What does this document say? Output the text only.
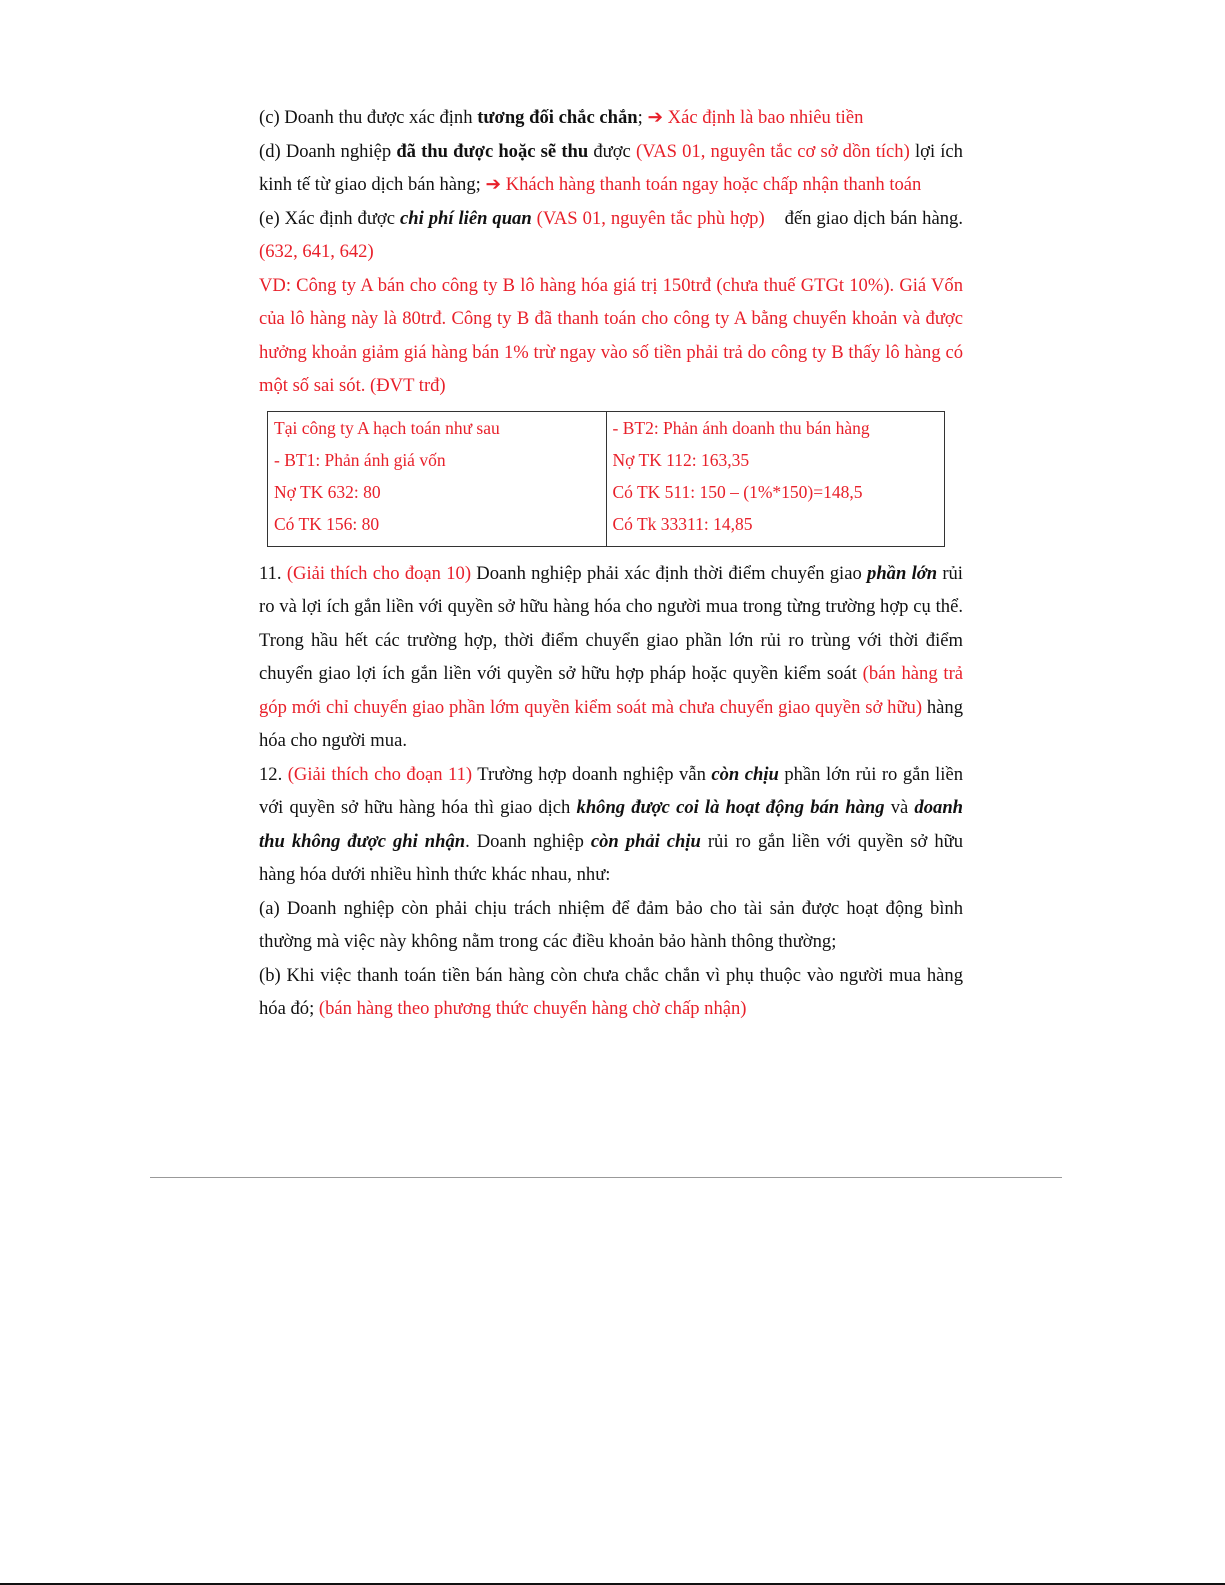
(c) Doanh thu được xác định tương đối chắc chắn; ➔ Xác định là bao nhiêu tiền

(d) Doanh nghiệp đã thu được hoặc sẽ thu được (VAS 01, nguyên tắc cơ sở dồn tích) lợi ích kinh tế từ giao dịch bán hàng; ➔ Khách hàng thanh toán ngay hoặc chấp nhận thanh toán

(e) Xác định được chi phí liên quan (VAS 01, nguyên tắc phù hợp)    đến giao dịch bán hàng. (632, 641, 642)

VD: Công ty A bán cho công ty B lô hàng hóa giá trị 150trđ (chưa thuế GTGt 10%). Giá Vốn của lô hàng này là 80trđ. Công ty B đã thanh toán cho công ty A bằng chuyển khoản và được hưởng khoản giảm giá hàng bán 1% trừ ngay vào số tiền phải trả do công ty B thấy lô hàng có một số sai sót. (ĐVT trđ)

Tại công ty A hạch toán như sau
- BT1: Phản ánh giá vốn
Nợ TK 632: 80
Có TK 156: 80

- BT2: Phản ánh doanh thu bán hàng
Nợ TK 112: 163,35
Có TK 511: 150 – (1%*150)=148,5
Có Tk 33311: 14,85

11. (Giải thích cho đoạn 10) Doanh nghiệp phải xác định thời điểm chuyển giao phần lớn rủi ro và lợi ích gắn liền với quyền sở hữu hàng hóa cho người mua trong từng trường hợp cụ thể. Trong hầu hết các trường hợp, thời điểm chuyển giao phần lớn rủi ro trùng với thời điểm chuyển giao lợi ích gắn liền với quyền sở hữu hợp pháp hoặc quyền kiểm soát (bán hàng trả góp mới chỉ chuyển giao phần lớm quyền kiểm soát mà chưa chuyển giao quyền sở hữu) hàng hóa cho người mua.

12. (Giải thích cho đoạn 11) Trường hợp doanh nghiệp vẫn còn chịu phần lớn rủi ro gắn liền với quyền sở hữu hàng hóa thì giao dịch không được coi là hoạt động bán hàng và doanh thu không được ghi nhận. Doanh nghiệp còn phải chịu rủi ro gắn liền với quyền sở hữu hàng hóa dưới nhiều hình thức khác nhau, như:

(a) Doanh nghiệp còn phải chịu trách nhiệm để đảm bảo cho tài sản được hoạt động bình thường mà việc này không nằm trong các điều khoản bảo hành thông thường;

(b) Khi việc thanh toán tiền bán hàng còn chưa chắc chắn vì phụ thuộc vào người mua hàng hóa đó; (bán hàng theo phương thức chuyển hàng chờ chấp nhận)
